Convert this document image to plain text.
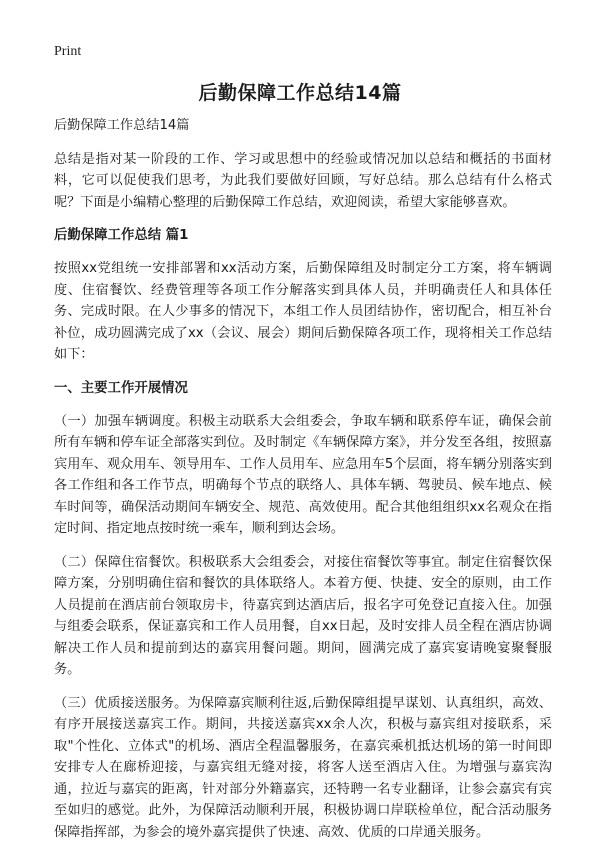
Print
后勤保障工作总结14篇

后勤保障工作总结14篇

总结是指对某一阶段的工作、学习或思想中的经验或情况加以总结和概括的书面材料，它可以促使我们思考，为此我们要做好回顾，写好总结。那么总结有什么格式呢？下面是小编精心整理的后勤保障工作总结，欢迎阅读，希望大家能够喜欢。

后勤保障工作总结 篇1

按照xx党组统一安排部署和xx活动方案，后勤保障组及时制定分工方案，将车辆调度、住宿餐饮、经费管理等各项工作分解落实到具体人员，并明确责任人和具体任务、完成时限。在人少事多的情况下，本组工作人员团结协作，密切配合，相互补台补位，成功圆满完成了xx（会议、展会）期间后勤保障各项工作，现将相关工作总结如下：

一、主要工作开展情况

（一）加强车辆调度。积极主动联系大会组委会，争取车辆和联系停车证，确保会前所有车辆和停车证全部落实到位。及时制定《车辆保障方案》，并分发至各组，按照嘉宾用车、观众用车、领导用车、工作人员用车、应急用车5个层面，将车辆分别落实到各工作组和各工作节点，明确每个节点的联络人、具体车辆、驾驶员、候车地点、候车时间等，确保活动期间车辆安全、规范、高效使用。配合其他组组织xx名观众在指定时间、指定地点按时统一乘车，顺利到达会场。

（二）保障住宿餐饮。积极联系大会组委会，对接住宿餐饮等事宜。制定住宿餐饮保障方案，分别明确住宿和餐饮的具体联络人。本着方便、快捷、安全的原则，由工作人员提前在酒店前台领取房卡，待嘉宾到达酒店后，报名字可免登记直接入住。加强与组委会联系，保证嘉宾和工作人员用餐，自xx日起，及时安排人员全程在酒店协调解决工作人员和提前到达的嘉宾用餐问题。期间，圆满完成了嘉宾宴请晚宴聚餐服务。

（三）优质接送服务。为保障嘉宾顺利往返,后勤保障组提早谋划、认真组织，高效、有序开展接送嘉宾工作。期间，共接送嘉宾xx余人次，积极与嘉宾组对接联系，采取"个性化、立体式"的机场、酒店全程温馨服务，在嘉宾乘机抵达机场的第一时间即安排专人在廊桥迎接，与嘉宾组无缝对接，将客人送至酒店入住。为增强与嘉宾沟通，拉近与嘉宾的距离，针对部分外籍嘉宾，还特聘一名专业翻译，让参会嘉宾有宾至如归的感觉。此外，为保障活动顺利开展，积极协调口岸联检单位，配合活动服务保障指挥部，为参会的境外嘉宾提供了快速、高效、优质的口岸通关服务。
